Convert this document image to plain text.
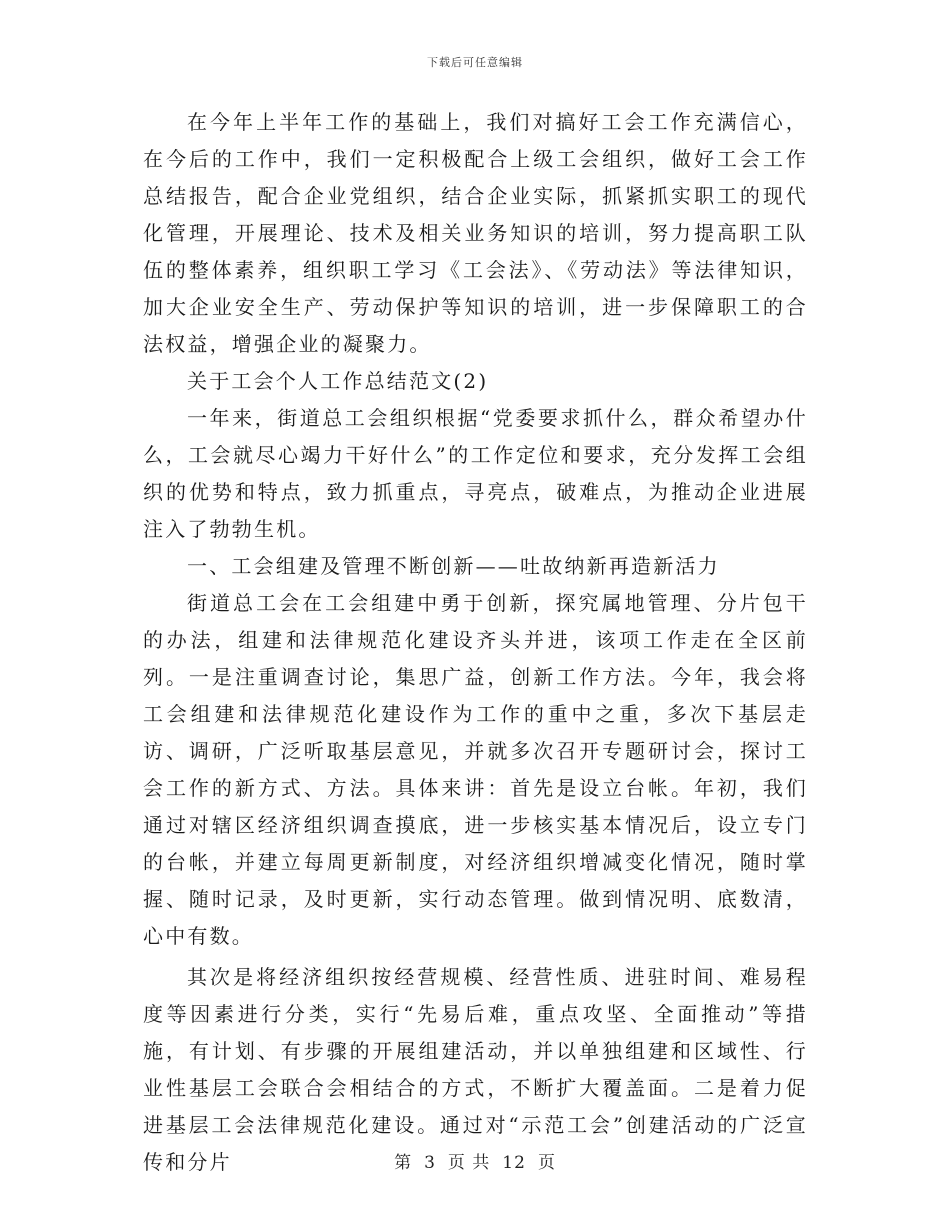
下载后可任意编辑

在今年上半年工作的基础上，我们对搞好工会工作充满信心，在今后的工作中，我们一定积极配合上级工会组织，做好工会工作总结报告，配合企业党组织，结合企业实际，抓紧抓实职工的现代化管理，开展理论、技术及相关业务知识的培训，努力提高职工队伍的整体素养，组织职工学习《工会法》、《劳动法》等法律知识，加大企业安全生产、劳动保护等知识的培训，进一步保障职工的合法权益，增强企业的凝聚力。

关于工会个人工作总结范文(2)

一年来，街道总工会组织根据“党委要求抓什么，群众希望办什么，工会就尽心竭力干好什么”的工作定位和要求，充分发挥工会组织的优势和特点，致力抓重点，寻亮点，破难点，为推动企业进展注入了勃勃生机。

一、工会组建及管理不断创新——吐故纳新再造新活力

街道总工会在工会组建中勇于创新，探究属地管理、分片包干的办法，组建和法律规范化建设齐头并进，该项工作走在全区前列。一是注重调查讨论，集思广益，创新工作方法。今年，我会将工会组建和法律规范化建设作为工作的重中之重，多次下基层走访、调研，广泛听取基层意见，并就多次召开专题研讨会，探讨工会工作的新方式、方法。具体来讲：首先是设立台帐。年初，我们通过对辖区经济组织调查摸底，进一步核实基本情况后，设立专门的台帐，并建立每周更新制度，对经济组织增减变化情况，随时掌握、随时记录，及时更新，实行动态管理。做到情况明、底数清，心中有数。

其次是将经济组织按经营规模、经营性质、进驻时间、难易程度等因素进行分类，实行“先易后难，重点攻坚、全面推动”等措施，有计划、有步骤的开展组建活动，并以单独组建和区域性、行业性基层工会联合会相结合的方式，不断扩大覆盖面。二是着力促进基层工会法律规范化建设。通过对“示范工会”创建活动的广泛宣传和分片	第 3 页 共 12 页
